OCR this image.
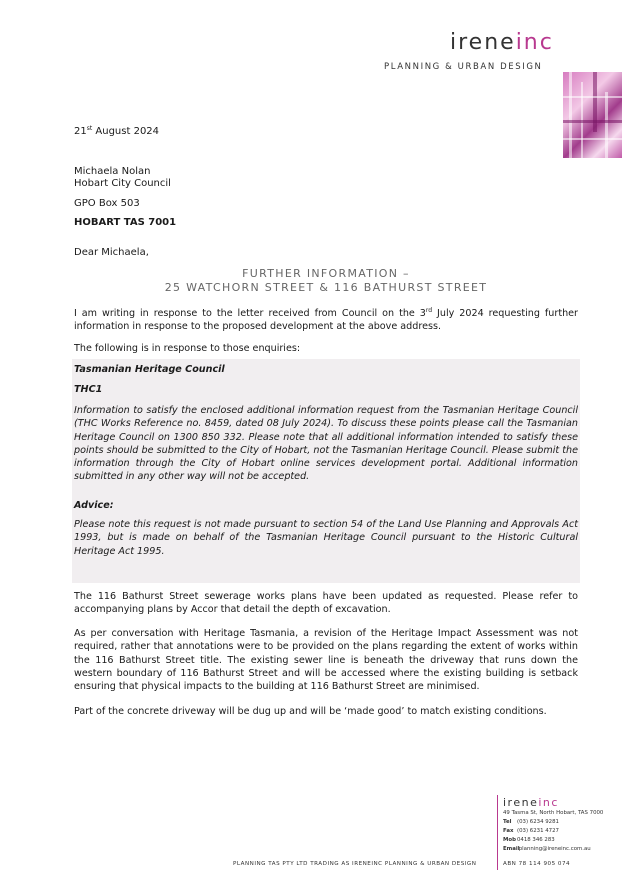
ireneinc
PLANNING & URBAN DESIGN
21st August 2024
Michaela Nolan
Hobart City Council
GPO Box 503
HOBART TAS 7001
Dear Michaela,
FURTHER INFORMATION –
25 WATCHORN STREET & 116 BATHURST STREET
I am writing in response to the letter received from Council on the 3rd July 2024 requesting further information in response to the proposed development at the above address.
The following is in response to those enquiries:
Tasmanian Heritage Council
THC1
Information to satisfy the enclosed additional information request from the Tasmanian Heritage Council (THC Works Reference no. 8459, dated 08 July 2024). To discuss these points please call the Tasmanian Heritage Council on 1300 850 332. Please note that all additional information intended to satisfy these points should be submitted to the City of Hobart, not the Tasmanian Heritage Council. Please submit the information through the City of Hobart online services development portal. Additional information submitted in any other way will not be accepted.
Advice:
Please note this request is not made pursuant to section 54 of the Land Use Planning and Approvals Act 1993, but is made on behalf of the Tasmanian Heritage Council pursuant to the Historic Cultural Heritage Act 1995.
The 116 Bathurst Street sewerage works plans have been updated as requested. Please refer to accompanying plans by Accor that detail the depth of excavation.
As per conversation with Heritage Tasmania, a revision of the Heritage Impact Assessment was not required, rather that annotations were to be provided on the plans regarding the extent of works within the 116 Bathurst Street title. The existing sewer line is beneath the driveway that runs down the western boundary of 116 Bathurst Street and will be accessed where the existing building is setback ensuring that physical impacts to the building at 116 Bathurst Street are minimised.
Part of the concrete driveway will be dug up and will be ‘made good’ to match existing conditions.
ireneinc
49 Tasma St, North Hobart, TAS 7000
Tel (03) 6234 9281
Fax (03) 6231 4727
Mob0418 346 283
Email planning@ireneinc.com.au
ABN 78 114 905 074
PLANNING TAS PTY LTD TRADING AS IRENEINC PLANNING & URBAN DESIGN
